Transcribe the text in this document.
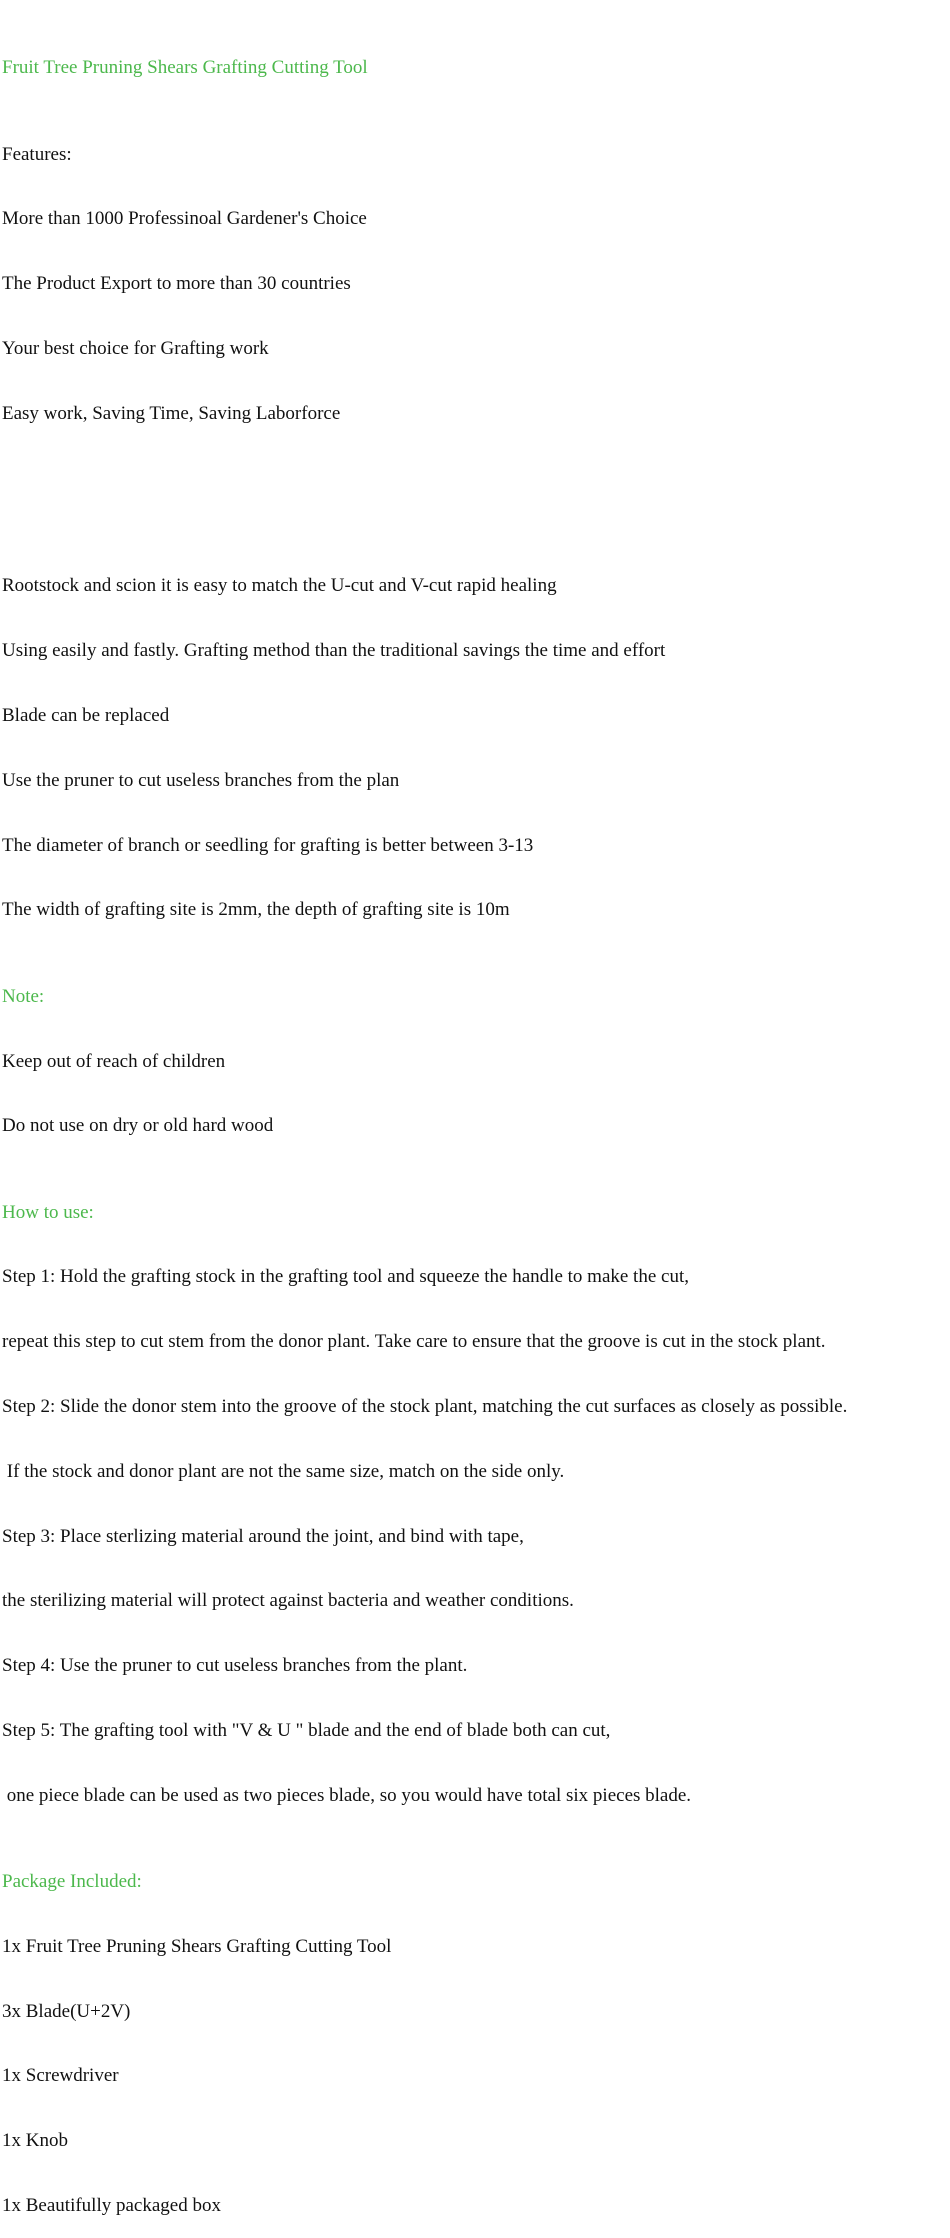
Fruit Tree Pruning Shears Grafting Cutting Tool

Features:

More than 1000 Professinoal Gardener's Choice

The Product Export to more than 30 countries

Your best choice for Grafting work

Easy work, Saving Time, Saving Laborforce

Rootstock and scion it is easy to match the U-cut and V-cut rapid healing

Using easily and fastly. Grafting method than the traditional savings the time and effort

Blade can be replaced

Use the pruner to cut useless branches from the plan

The diameter of branch or seedling for grafting is better between 3-13

The width of grafting site is 2mm, the depth of grafting site is 10m

Note:

Keep out of reach of children

Do not use on dry or old hard wood

How to use:

Step 1: Hold the grafting stock in the grafting tool and squeeze the handle to make the cut,

repeat this step to cut stem from the donor plant. Take care to ensure that the groove is cut in the stock plant.

Step 2: Slide the donor stem into the groove of the stock plant, matching the cut surfaces as closely as possible.

If the stock and donor plant are not the same size, match on the side only.

Step 3: Place sterlizing material around the joint, and bind with tape,

the sterilizing material will protect against bacteria and weather conditions.

Step 4: Use the pruner to cut useless branches from the plant.

Step 5: The grafting tool with "V & U " blade and the end of blade both can cut,

one piece blade can be used as two pieces blade, so you would have total six pieces blade.

Package Included:

1x Fruit Tree Pruning Shears Grafting Cutting Tool

3x Blade(U+2V)

1x Screwdriver

1x Knob

1x Beautifully packaged box
